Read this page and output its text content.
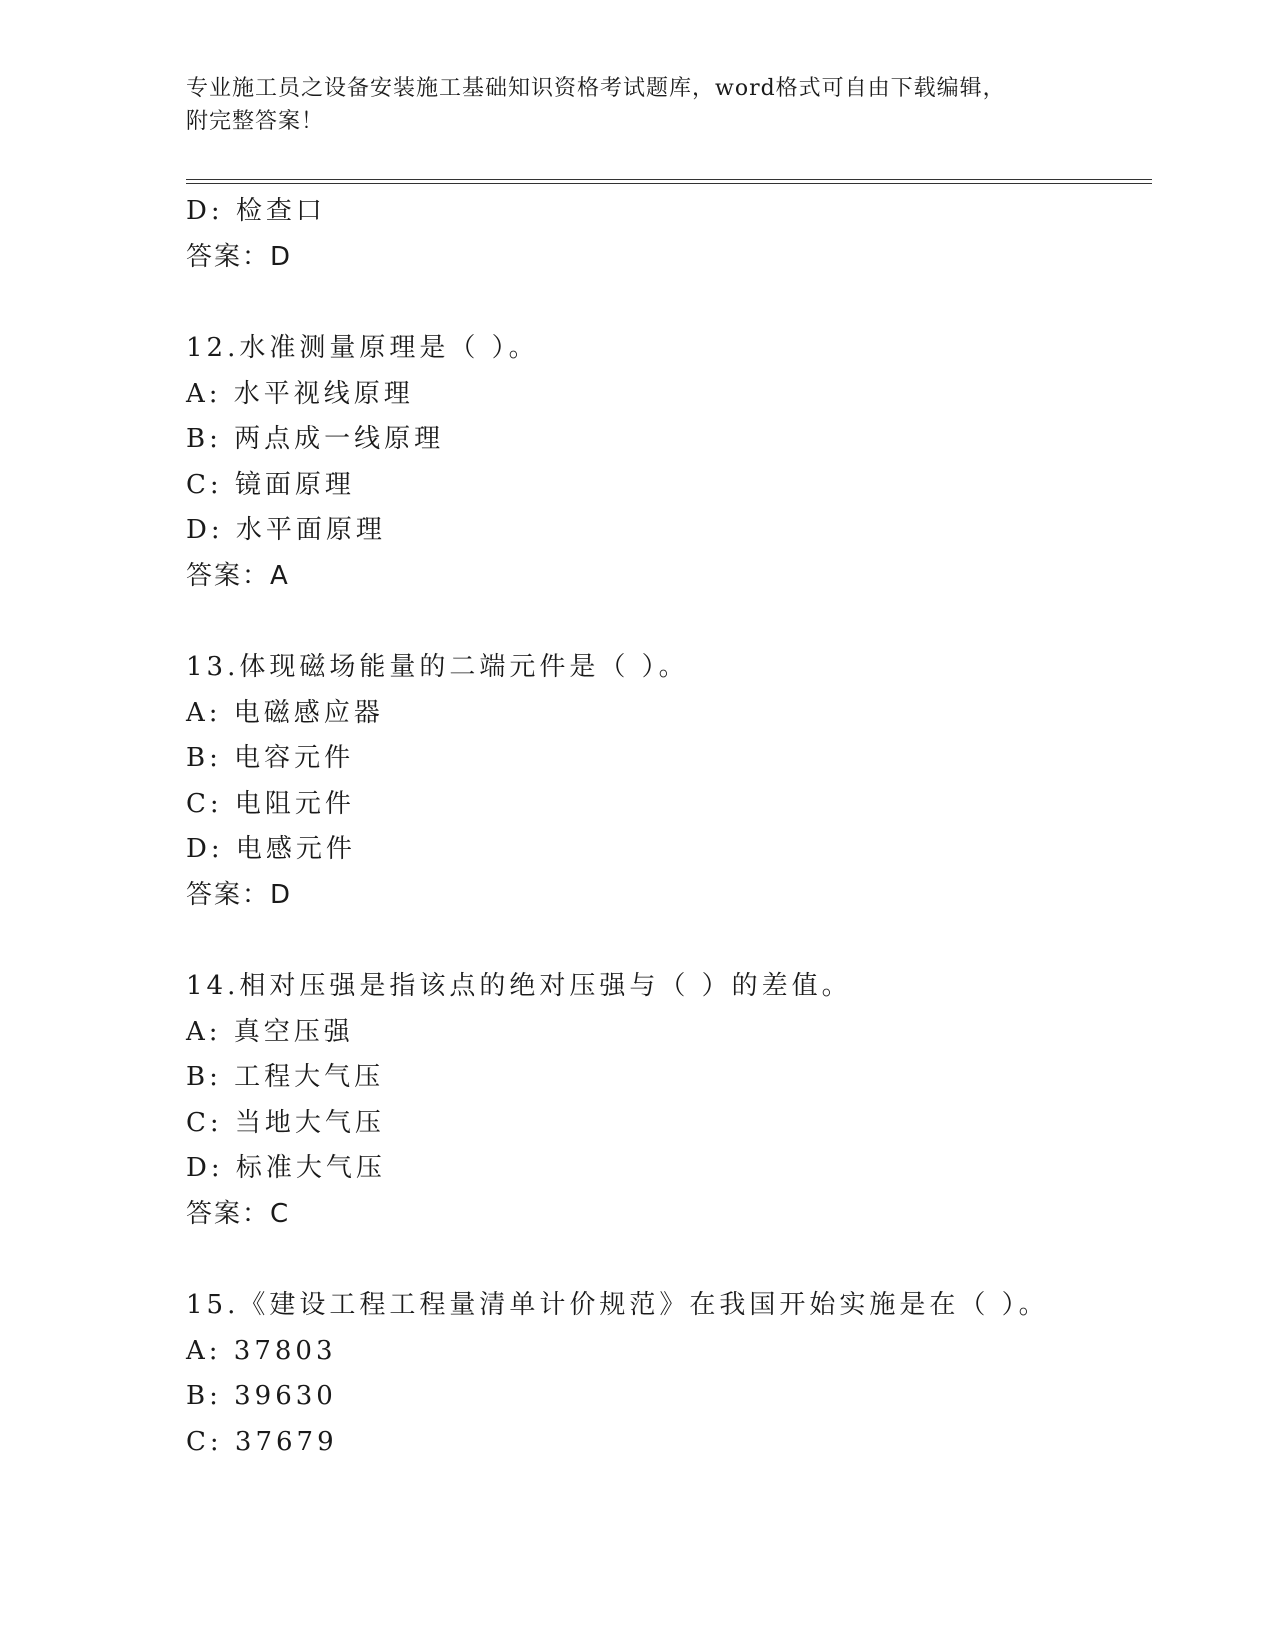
专业施工员之设备安装施工基础知识资格考试题库，word格式可自由下载编辑，
附完整答案！
D: 检查口
答案：D
12.水准测量原理是（ ）。
A: 水平视线原理
B: 两点成一线原理
C: 镜面原理
D: 水平面原理
答案：A
13.体现磁场能量的二端元件是（ ）。
A: 电磁感应器
B: 电容元件
C: 电阻元件
D: 电感元件
答案：D
14.相对压强是指该点的绝对压强与（ ）的差值。
A: 真空压强
B: 工程大气压
C: 当地大气压
D: 标准大气压
答案：C
15.《建设工程工程量清单计价规范》在我国开始实施是在（ ）。
A: 37803
B: 39630
C: 37679
